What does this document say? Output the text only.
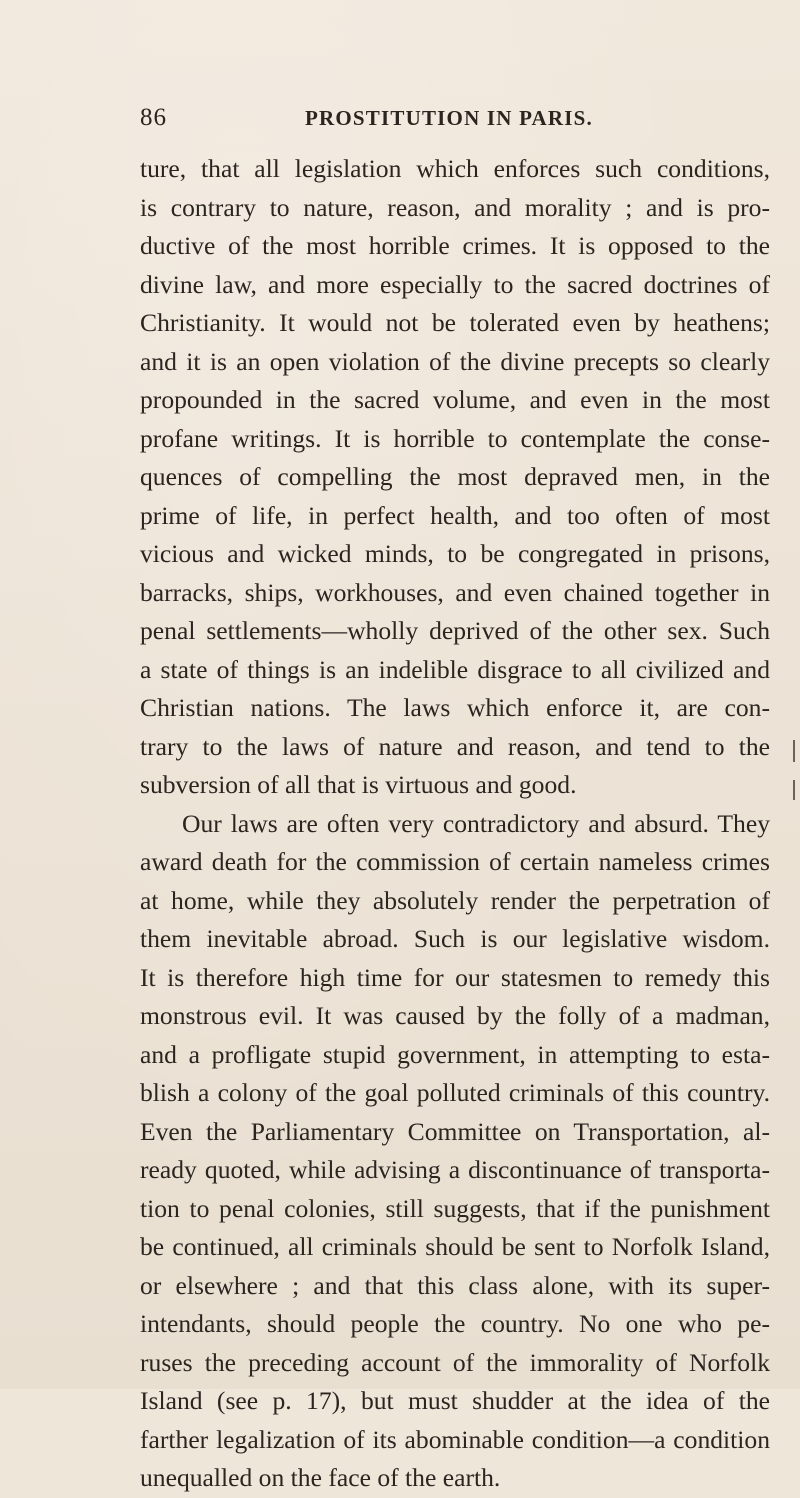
86	PROSTITUTION IN PARIS.
ture, that all legislation which enforces such conditions,
is contrary to nature, reason, and morality ; and is pro-
ductive of the most horrible crimes. It is opposed to the
divine law, and more especially to the sacred doctrines of
Christianity. It would not be tolerated even by heathens;
and it is an open violation of the divine precepts so clearly
propounded in the sacred volume, and even in the most
profane writings. It is horrible to contemplate the conse-
quences of compelling the most depraved men, in the
prime of life, in perfect health, and too often of most
vicious and wicked minds, to be congregated in prisons,
barracks, ships, workhouses, and even chained together in
penal settlements—wholly deprived of the other sex. Such
a state of things is an indelible disgrace to all civilized and
Christian nations. The laws which enforce it, are con-
trary to the laws of nature and reason, and tend to the
subversion of all that is virtuous and good.
Our laws are often very contradictory and absurd. They
award death for the commission of certain nameless crimes
at home, while they absolutely render the perpetration of
them inevitable abroad. Such is our legislative wisdom.
It is therefore high time for our statesmen to remedy this
monstrous evil. It was caused by the folly of a madman,
and a profligate stupid government, in attempting to esta-
blish a colony of the goal polluted criminals of this country.
Even the Parliamentary Committee on Transportation, al-
ready quoted, while advising a discontinuance of transporta-
tion to penal colonies, still suggests, that if the punishment
be continued, all criminals should be sent to Norfolk Island,
or elsewhere ; and that this class alone, with its super-
intendants, should people the country. No one who pe-
ruses the preceding account of the immorality of Norfolk
Island (see p. 17), but must shudder at the idea of the
farther legalization of its abominable condition—a condition
unequalled on the face of the earth.
